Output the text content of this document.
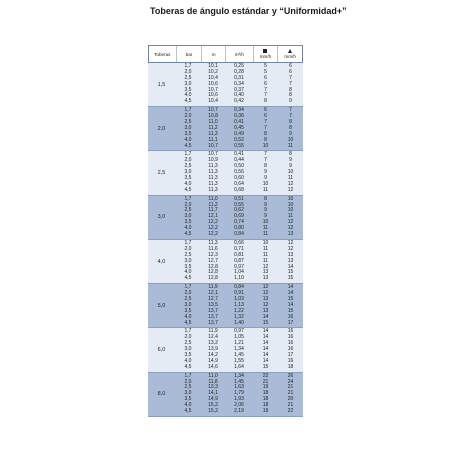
Toberas de ángulo estándar y “Uniformidad+”
Toberas	bar	m	m³/h	mm/h	mm/h
1,5
1,7	10,1	0,25	5	6
2,0	10,2	0,28	5	6
2,5	10,4	0,31	6	7
3,0	10,6	0,34	6	7
3,5	10,7	0,37	7	8
4,0	10,6	0,40	7	8
4,5	10,4	0,42	8	9
2,0
1,7	10,7	0,34	6	7
2,0	10,8	0,36	6	7
2,5	11,0	0,41	7	8
3,0	11,2	0,45	7	8
3,5	11,3	0,49	8	9
4,0	11,1	0,52	8	10
4,5	10,7	0,55	10	11
2,5
1,7	10,7	0,41	7	8
2,0	10,9	0,44	7	9
2,5	11,3	0,50	8	9
3,0	11,3	0,56	9	10
3,5	11,3	0,60	9	11
4,0	11,3	0,64	10	12
4,5	11,3	0,68	11	12
3,0
1,7	11,0	0,51	8	10
2,0	11,2	0,55	9	10
2,5	11,7	0,62	9	10
3,0	12,1	0,69	9	11
3,5	12,2	0,74	10	12
4,0	12,2	0,80	11	12
4,5	12,2	0,84	11	13
4,0
1,7	11,3	0,66	10	12
2,0	11,6	0,71	11	12
2,5	12,3	0,81	11	13
3,0	12,7	0,87	11	13
3,5	12,8	0,97	12	14
4,0	12,8	1,04	13	15
4,5	12,8	1,10	13	15
5,0
1,7	11,9	0,84	12	14
2,0	12,1	0,91	12	14
2,5	12,7	1,03	13	15
3,0	13,5	1,13	12	14
3,5	13,7	1,22	13	15
4,0	13,7	1,32	14	16
4,5	13,7	1,40	15	17
6,0
1,7	11,9	0,97	14	16
2,0	12,4	1,05	14	16
2,5	13,2	1,21	14	16
3,0	13,9	1,34	14	16
3,5	14,2	1,45	14	17
4,0	14,9	1,55	14	16
4,5	14,6	1,64	15	18
8,0
1,7	11,0	1,34	22	26
2,0	11,8	1,45	21	24
2,5	13,3	1,63	19	21
3,0	14,1	1,79	18	21
3,5	14,9	1,93	18	20
4,0	15,2	2,06	18	21
4,5	15,2	2,19	19	22
